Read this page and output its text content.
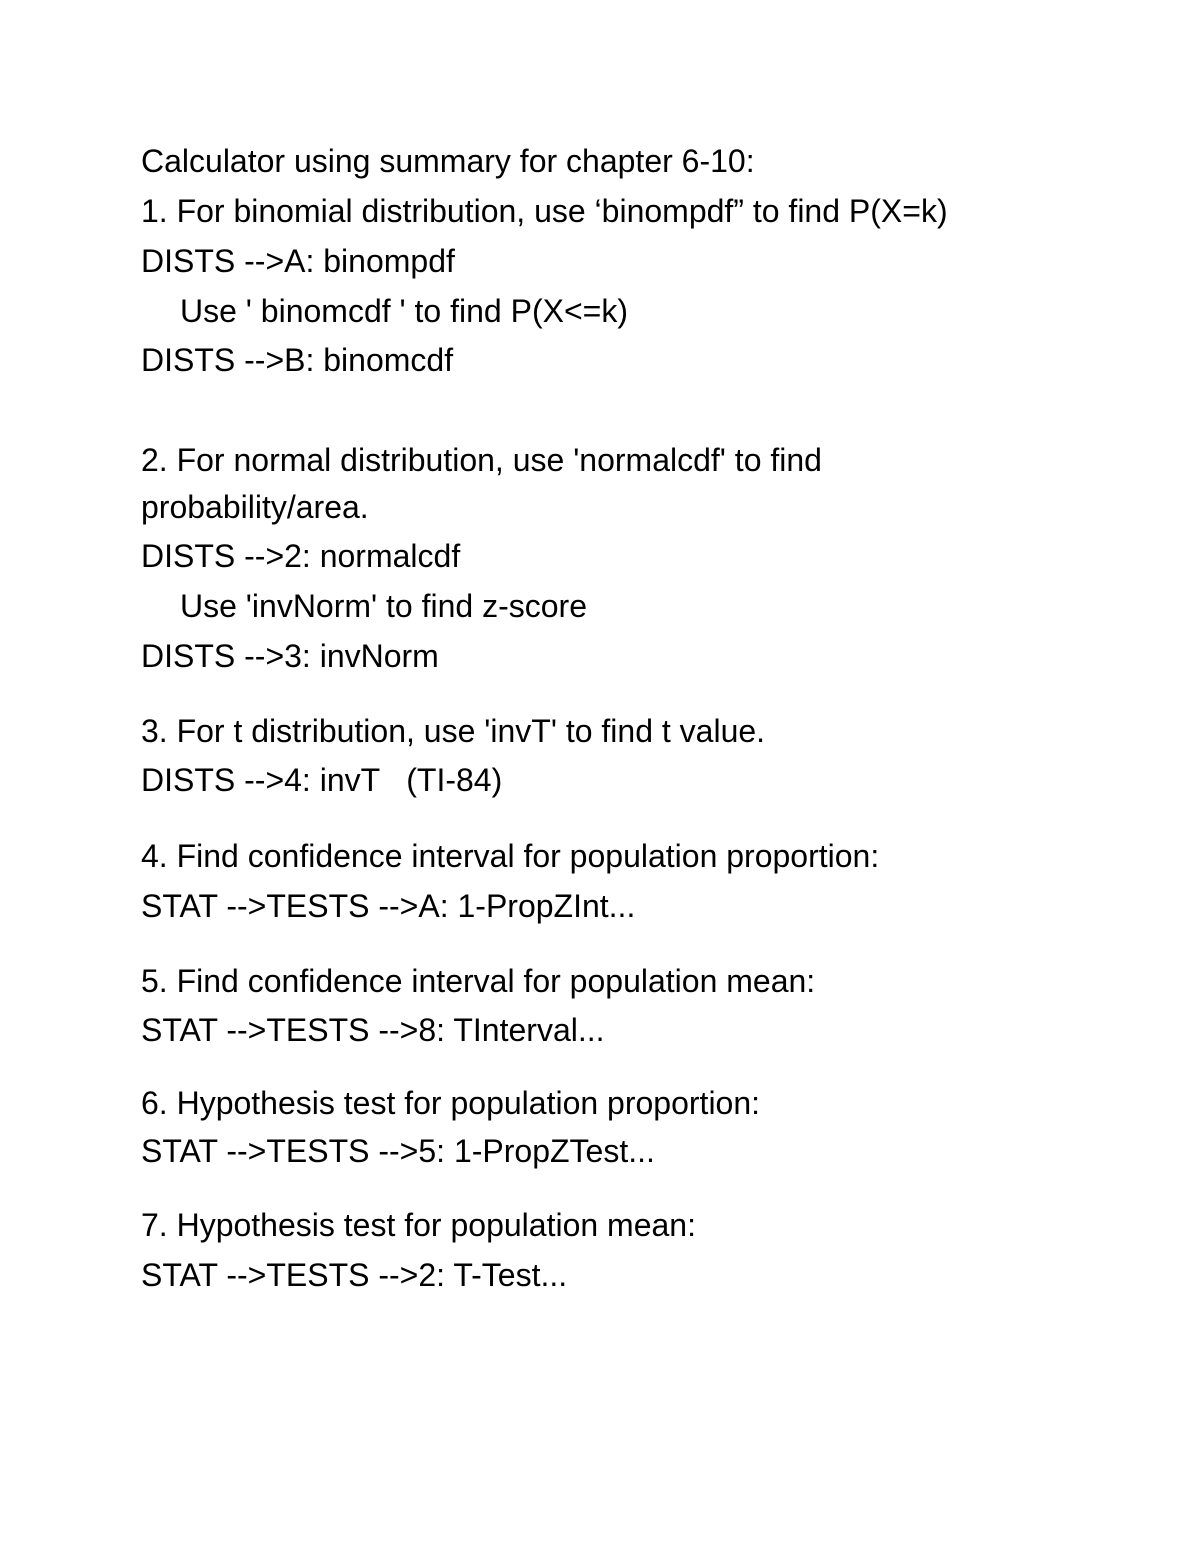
Calculator using summary for chapter 6-10:

1. For binomial distribution, use ‘binompdf” to find P(X=k)

DISTS -->A: binompdf

Use ' binomcdf ' to find P(X<=k)

DISTS -->B: binomcdf

2. For normal distribution, use 'normalcdf' to find

probability/area.

DISTS -->2: normalcdf

Use 'invNorm' to find z-score

DISTS -->3: invNorm

3. For t distribution, use 'invT' to find t value.

DISTS -->4: invT   (TI-84)

4. Find confidence interval for population proportion:

STAT -->TESTS -->A: 1-PropZInt...

5. Find confidence interval for population mean:

STAT -->TESTS -->8: TInterval...

6. Hypothesis test for population proportion:

STAT -->TESTS -->5: 1-PropZTest...

7. Hypothesis test for population mean:

STAT -->TESTS -->2: T-Test...
